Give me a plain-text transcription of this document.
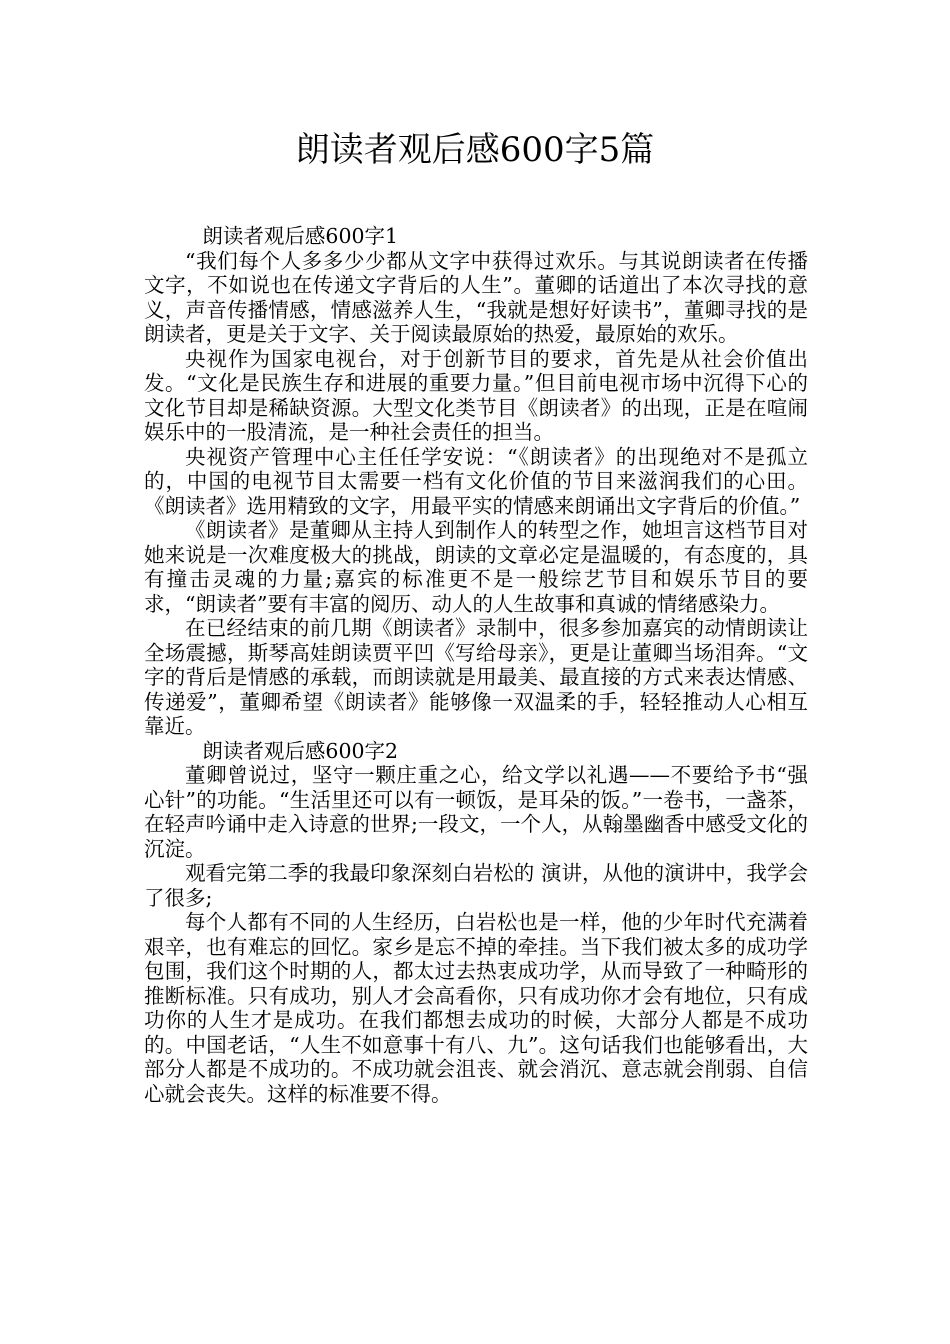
朗读者观后感600字5篇

朗读者观后感600字1

“我们每个人多多少少都从文字中获得过欢乐。与其说朗读者在传播文字，不如说也在传递文字背后的人生”。董卿的话道出了本次寻找的意义，声音传播情感，情感滋养人生，“我就是想好好读书”，董卿寻找的是朗读者，更是关于文字、关于阅读最原始的热爱，最原始的欢乐。

央视作为国家电视台，对于创新节目的要求，首先是从社会价值出发。“文化是民族生存和进展的重要力量。”但目前电视市场中沉得下心的文化节目却是稀缺资源。大型文化类节目《朗读者》的出现，正是在喧闹娱乐中的一股清流，是一种社会责任的担当。

央视资产管理中心主任任学安说：“《朗读者》的出现绝对不是孤立的，中国的电视节目太需要一档有文化价值的节目来滋润我们的心田。《朗读者》选用精致的文字，用最平实的情感来朗诵出文字背后的价值。”

《朗读者》是董卿从主持人到制作人的转型之作，她坦言这档节目对她来说是一次难度极大的挑战，朗读的文章必定是温暖的，有态度的，具有撞击灵魂的力量;嘉宾的标准更不是一般综艺节目和娱乐节目的要求，“朗读者”要有丰富的阅历、动人的人生故事和真诚的情绪感染力。

在已经结束的前几期《朗读者》录制中，很多参加嘉宾的动情朗读让全场震撼，斯琴高娃朗读贾平凹《写给母亲》，更是让董卿当场泪奔。“文字的背后是情感的承载，而朗读就是用最美、最直接的方式来表达情感、传递爱”，董卿希望《朗读者》能够像一双温柔的手，轻轻推动人心相互靠近。

朗读者观后感600字2

董卿曾说过，坚守一颗庄重之心，给文学以礼遇——不要给予书“强心针”的功能。“生活里还可以有一顿饭，是耳朵的饭。”一卷书，一盏茶，在轻声吟诵中走入诗意的世界;一段文，一个人，从翰墨幽香中感受文化的沉淀。

观看完第二季的我最印象深刻白岩松的 演讲，从他的演讲中，我学会了很多;

每个人都有不同的人生经历，白岩松也是一样，他的少年时代充满着艰辛，也有难忘的回忆。家乡是忘不掉的牵挂。当下我们被太多的成功学包围，我们这个时期的人，都太过去热衷成功学，从而导致了一种畸形的推断标准。只有成功，别人才会高看你，只有成功你才会有地位，只有成功你的人生才是成功。在我们都想去成功的时候，大部分人都是不成功的。中国老话，“人生不如意事十有八、九”。这句话我们也能够看出，大部分人都是不成功的。不成功就会沮丧、就会消沉、意志就会削弱、自信心就会丧失。这样的标准要不得。
